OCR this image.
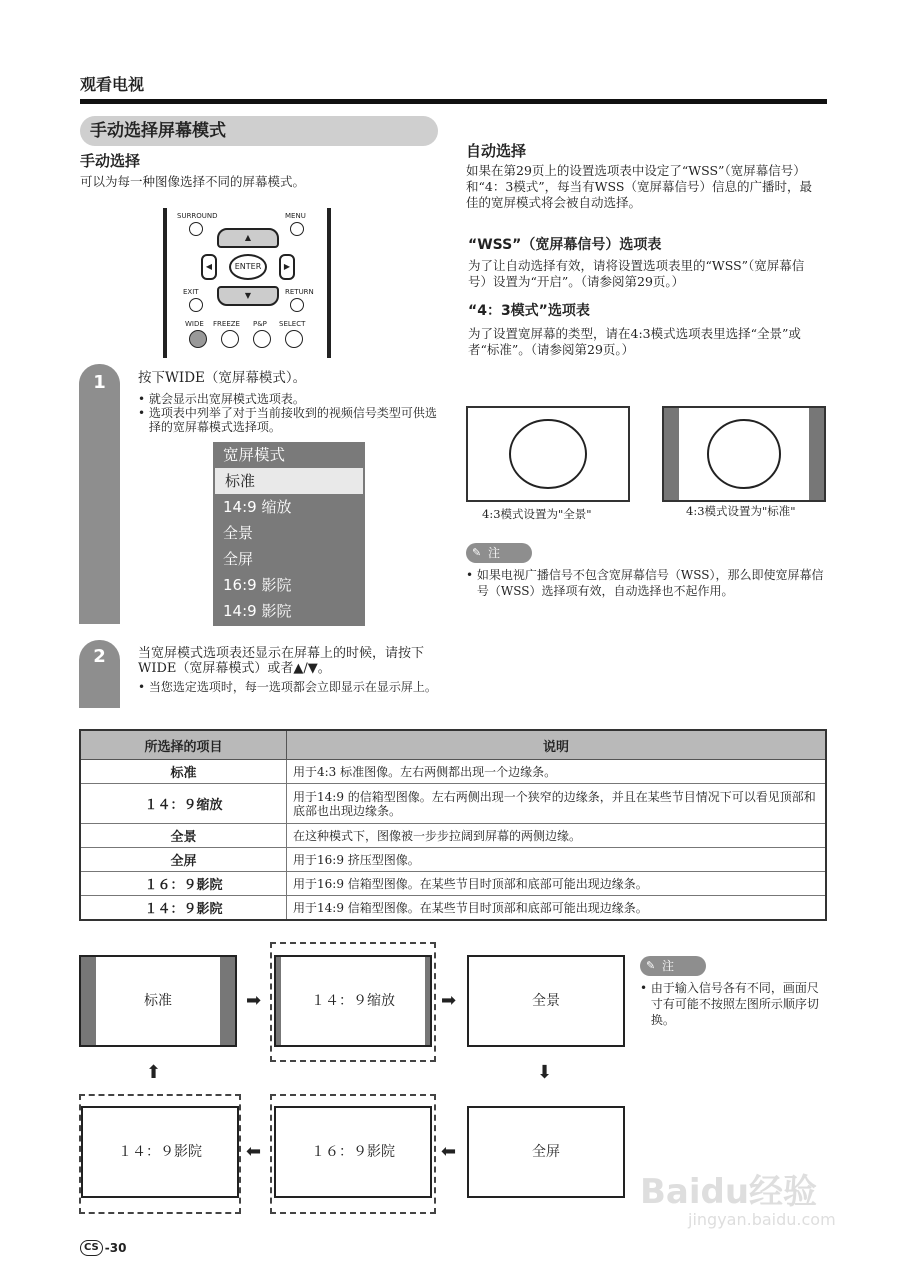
观看电视
手动选择屏幕模式
手动选择
可以为每一种图像选择不同的屏幕模式。
SURROUND	MENU
▲
◀	ENTER	▶
▼
EXIT	RETURN
WIDE FREEZE P&P SELECT
1	按下WIDE（宽屏幕模式）。
• 就会显示出宽屏模式选项表。
• 选项表中列举了对于当前接收到的视频信号类型可供选择的宽屏幕模式选择项。
宽屏模式
标准
14:9 缩放
全景
全屏
16:9 影院
14:9 影院
2	当宽屏模式选项表还显示在屏幕上的时候，请按下WIDE（宽屏幕模式）或者▲/▼。
• 当您选定选项时，每一选项都会立即显示在显示屏上。
自动选择
如果在第29页上的设置选项表中设定了“WSS”（宽屏幕信号）和“4：3模式”，每当有WSS（宽屏幕信号）信息的广播时，最佳的宽屏模式将会被自动选择。
“WSS”（宽屏幕信号）选项表
为了让自动选择有效，请将设置选项表里的“WSS”（宽屏幕信号）设置为“开启”。（请参阅第29页。）
“4：3模式”选项表
为了设置宽屏幕的类型，请在4:3模式选项表里选择“全景”或者“标准”。（请参阅第29页。）
4:3模式设置为"全景"	4:3模式设置为"标准"
✎ 注
• 如果电视广播信号不包含宽屏幕信号（WSS），那么即使宽屏幕信号（WSS）选择项有效，自动选择也不起作用。
所选择的项目	说明
标准	用于4:3 标准图像。左右两侧都出现一个边缘条。
１４：９缩放	用于14:9 的信箱型图像。左右两侧出现一个狭窄的边缘条，并且在某些节目情况下可以看见顶部和底部也出现边缘条。
全景	在这种模式下，图像被一步步拉阔到屏幕的两侧边缘。
全屏	用于16:9 挤压型图像。
１６：９影院	用于16:9 信箱型图像。在某些节目时顶部和底部可能出现边缘条。
１４：９影院	用于14:9 信箱型图像。在某些节目时顶部和底部可能出现边缘条。
标准	１４：９缩放	全景
全屏
１６：９影院
１４：９影院
➡	➡
⬇
⬅
⬅
⬆
✎ 注
• 由于输入信号各有不同，画面尺寸有可能不按照左图所示顺序切换。
Baidu经验
jingyan.baidu.com
CS -30
